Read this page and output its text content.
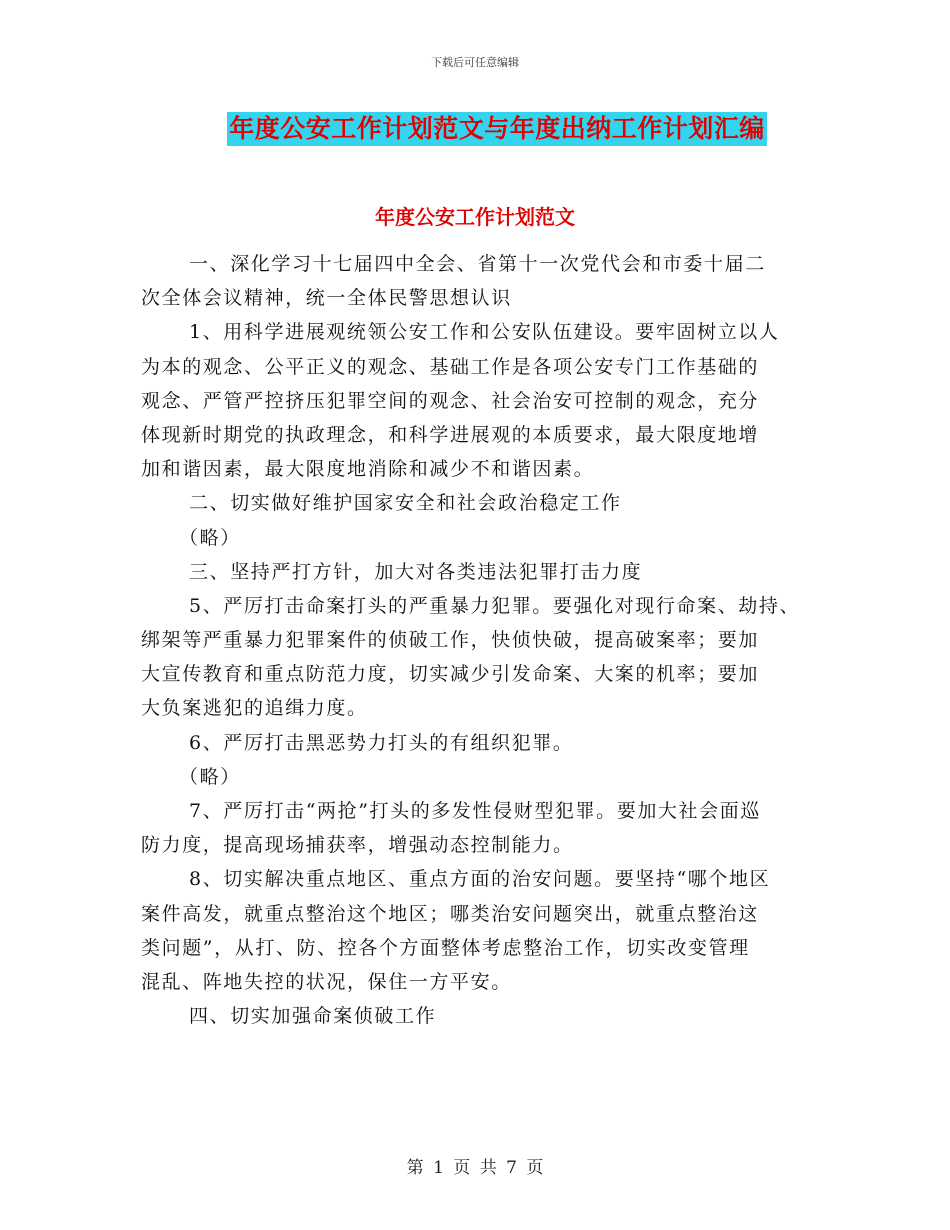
下载后可任意编辑
年度公安工作计划范文与年度出纳工作计划汇编
年度公安工作计划范文
一、深化学习十七届四中全会、省第十一次党代会和市委十届二
次全体会议精神，统一全体民警思想认识
1、用科学进展观统领公安工作和公安队伍建设。要牢固树立以人
为本的观念、公平正义的观念、基础工作是各项公安专门工作基础的
观念、严管严控挤压犯罪空间的观念、社会治安可控制的观念，充分
体现新时期党的执政理念，和科学进展观的本质要求，最大限度地增
加和谐因素，最大限度地消除和减少不和谐因素。
二、切实做好维护国家安全和社会政治稳定工作
（略）
三、坚持严打方针，加大对各类违法犯罪打击力度
5、严厉打击命案打头的严重暴力犯罪。要强化对现行命案、劫持、
绑架等严重暴力犯罪案件的侦破工作，快侦快破，提高破案率；要加
大宣传教育和重点防范力度，切实减少引发命案、大案的机率；要加
大负案逃犯的追缉力度。
6、严厉打击黑恶势力打头的有组织犯罪。
（略）
7、严厉打击“两抢”打头的多发性侵财型犯罪。要加大社会面巡
防力度，提高现场捕获率，增强动态控制能力。
8、切实解决重点地区、重点方面的治安问题。要坚持“哪个地区
案件高发，就重点整治这个地区；哪类治安问题突出，就重点整治这
类问题”，从打、防、控各个方面整体考虑整治工作，切实改变管理
混乱、阵地失控的状况，保住一方平安。
四、切实加强命案侦破工作
第 1 页 共 7 页
